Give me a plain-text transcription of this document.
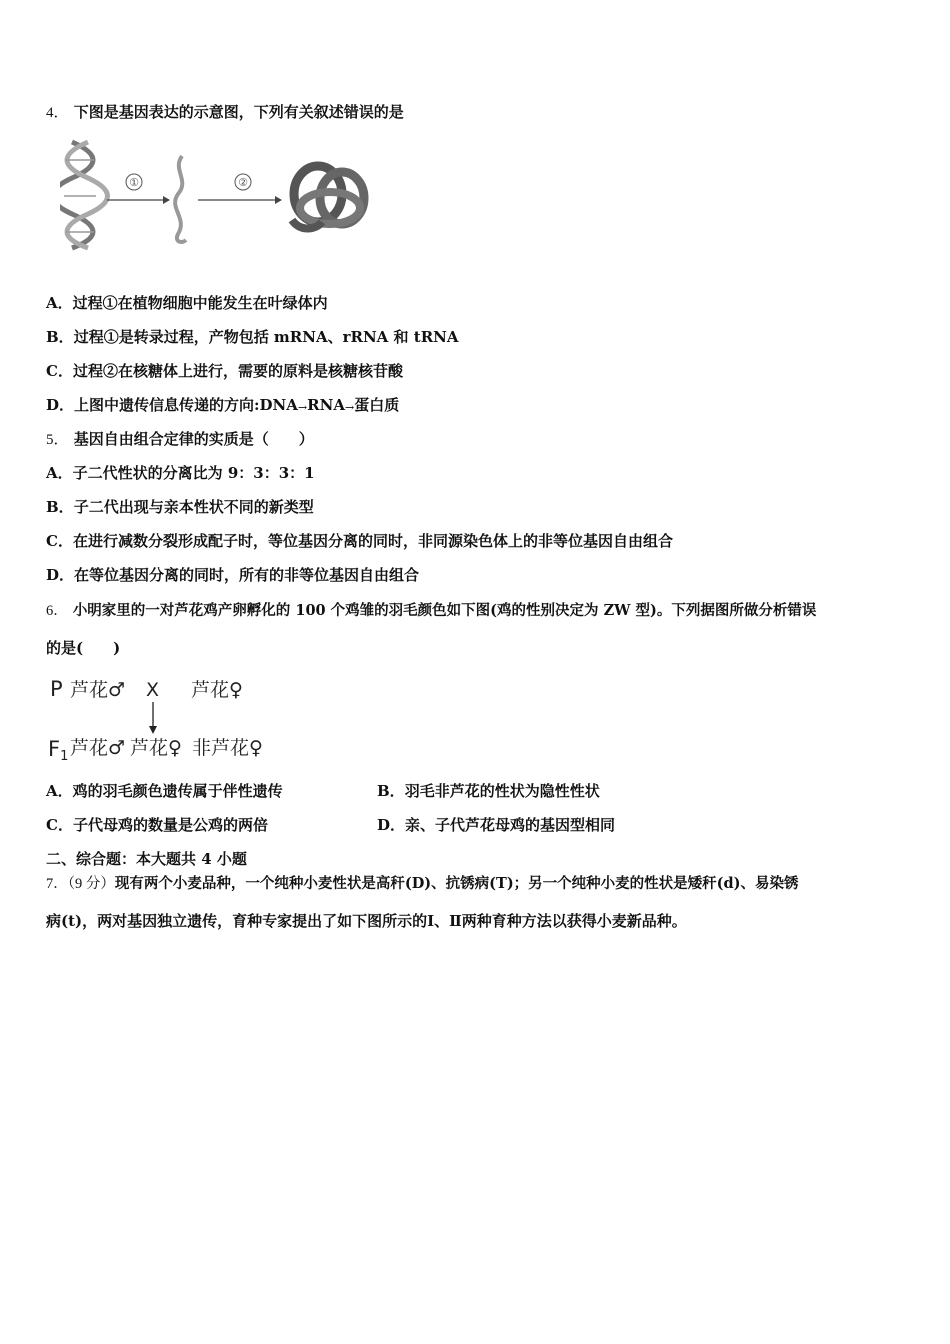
4． 下图是基因表达的示意图，下列有关叙述错误的是
①	②
A．过程①在植物细胞中能发生在叶绿体内
B．过程①是转录过程，产物包括 mRNA、rRNA 和 tRNA
C．过程②在核糖体上进行，需要的原料是核糖核苷酸
D．上图中遗传信息传递的方向:DNA→RNA→蛋白质
5． 基因自由组合定律的实质是（　　）
A．子二代性状的分离比为 9：3：3：1
B．子二代出现与亲本性状不同的新类型
C．在进行减数分裂形成配子时，等位基因分离的同时，非同源染色体上的非等位基因自由组合
D．在等位基因分离的同时，所有的非等位基因自由组合
6． 小明家里的一对芦花鸡产卵孵化的 100 个鸡雏的羽毛颜色如下图(鸡的性别决定为 ZW 型)。下列据图所做分析错误
的是(　　)
P 芦花♂ X 芦花♀
F1 芦花♂ 芦花♀ 非芦花♀
A．鸡的羽毛颜色遗传属于伴性遗传	B．羽毛非芦花的性状为隐性性状
C．子代母鸡的数量是公鸡的两倍	D．亲、子代芦花母鸡的基因型相同
二、综合题：本大题共 4 小题
7．（9 分）现有两个小麦品种，一个纯种小麦性状是高秆(D)、抗锈病(T)；另一个纯种小麦的性状是矮秆(d)、易染锈
病(t)，两对基因独立遗传，育种专家提出了如下图所示的Ⅰ、Ⅱ两种育种方法以获得小麦新品种。
